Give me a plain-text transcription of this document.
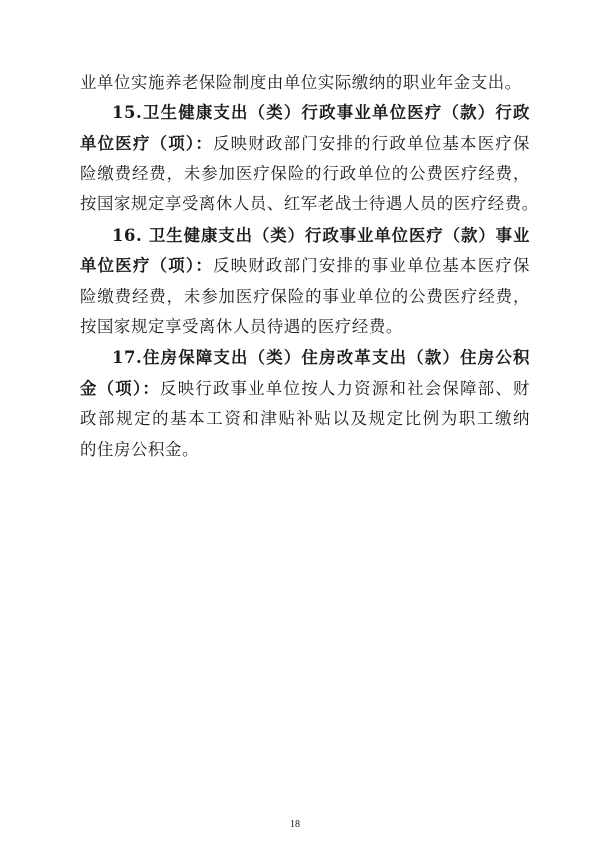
业单位实施养老保险制度由单位实际缴纳的职业年金支出。
15.卫生健康支出（类）行政事业单位医疗（款）行政
单位医疗（项）：反映财政部门安排的行政单位基本医疗保
险缴费经费，未参加医疗保险的行政单位的公费医疗经费，
按国家规定享受离休人员、红军老战士待遇人员的医疗经费。
16. 卫生健康支出（类）行政事业单位医疗（款）事业
单位医疗（项）：反映财政部门安排的事业单位基本医疗保
险缴费经费，未参加医疗保险的事业单位的公费医疗经费，
按国家规定享受离休人员待遇的医疗经费。
17.住房保障支出（类）住房改革支出（款）住房公积
金（项）：反映行政事业单位按人力资源和社会保障部、财
政部规定的基本工资和津贴补贴以及规定比例为职工缴纳
的住房公积金。
18
